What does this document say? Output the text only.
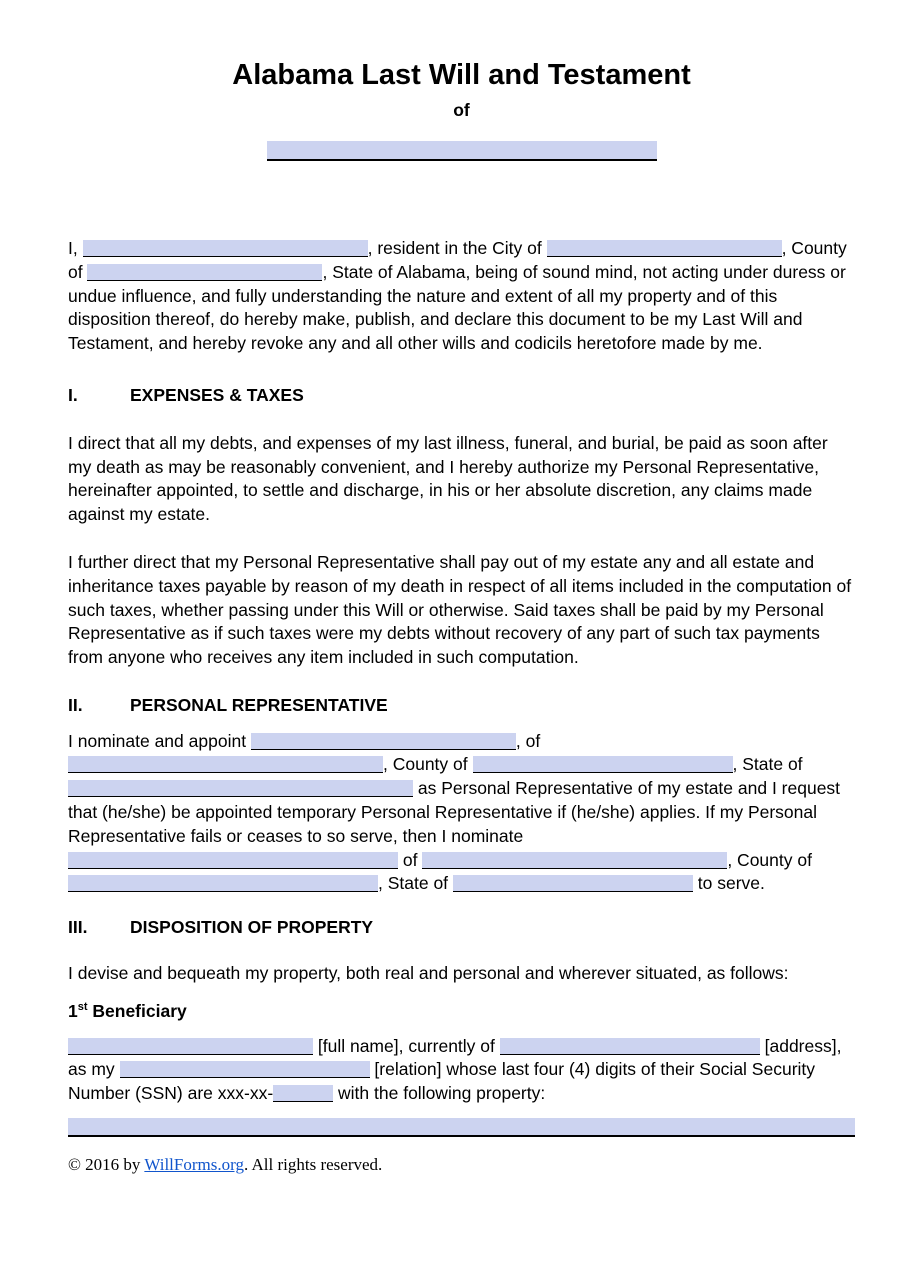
Alabama Last Will and Testament
of

I,	, resident in the City of	, County of	, State of Alabama, being of sound mind, not acting under duress or undue influence, and fully understanding the nature and extent of all my property and of this disposition thereof, do hereby make, publish, and declare this document to be my Last Will and Testament, and hereby revoke any and all other wills and codicils heretofore made by me.

I.	EXPENSES & TAXES

I direct that all my debts, and expenses of my last illness, funeral, and burial, be paid as soon after my death as may be reasonably convenient, and I hereby authorize my Personal Representative, hereinafter appointed, to settle and discharge, in his or her absolute discretion, any claims made against my estate.

I further direct that my Personal Representative shall pay out of my estate any and all estate and inheritance taxes payable by reason of my death in respect of all items included in the computation of such taxes, whether passing under this Will or otherwise. Said taxes shall be paid by my Personal Representative as if such taxes were my debts without recovery of any part of such tax payments from anyone who receives any item included in such computation.

II.	PERSONAL REPRESENTATIVE

I nominate and appoint	, of , County of	, State of  as Personal Representative of my estate and I request that (he/she) be appointed temporary Personal Representative if (he/she) applies. If my Personal Representative fails or ceases to so serve, then I nominate  of	, County of , State of	to serve.

III. DISPOSITION OF PROPERTY

I devise and bequeath my property, both real and personal and wherever situated, as follows:

1st Beneficiary

[full name], currently of	[address], as my	[relation] whose last four (4) digits of their Social Security Number (SSN) are xxx-xx-	with the following property:

© 2016 by WillForms.org. All rights reserved.
